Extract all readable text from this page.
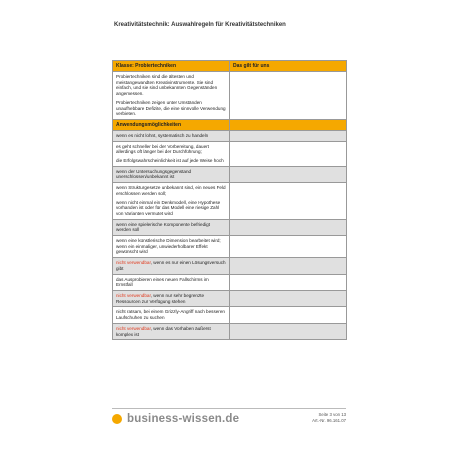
Kreativitätstechnik: Auswahlregeln für Kreativitätstechniken
Klasse: Probiertechniken	Das gilt für uns

Probiertechniken sind die ältesten und meistangewandten Kreativinstrumente. Sie sind einfach, und sie sind unbekannten Gegenständen angemessen.

Probiertechniken zeigen unter Umständen unaufhebbare Defizite, die eine sinnvolle Verwendung verbieten.

Anwendungsmöglichkeiten
wenn es nicht lohnt, systematisch zu handeln

es geht schneller bei der Vorbereitung, dauert allerdings oft länger bei der Durchführung;

die Erfolgswahrscheinlichkeit ist auf jede Weise hoch

wenn der Untersuchungsgegenstand unerschlossen/unbekannt ist

wenn Strukturgesetze unbekannt sind, ein neues Feld erschlossen werden soll;

wenn nicht einmal ein Denkmodell, eine Hypothese vorhanden ist oder für das Modell eine riesige Zahl von Varianten vermutet wird

wenn eine spielerische Komponente befriedigt werden soll
wenn eine künstlerische Dimension bearbeitet wird; wenn ein einmaliger, unwiederholbarer Effekt gewünscht wird
nicht verwendbar, wenn es nur einen Lösungsversuch gibt
das Ausprobieren eines neuen Fallschirms im Ernstfall
nicht verwendbar, wenn nur sehr begrenzte Ressourcen zur Verfügung stehen
nicht ratsam, bei einem Grizzly-Angriff nach besseren Laufschuhen zu suchen
nicht verwendbar, wenn das Vorhaben äußerst komplex ist
business-wissen.de	Seite 3 von 13
Art.-Nr. 96.161.07
